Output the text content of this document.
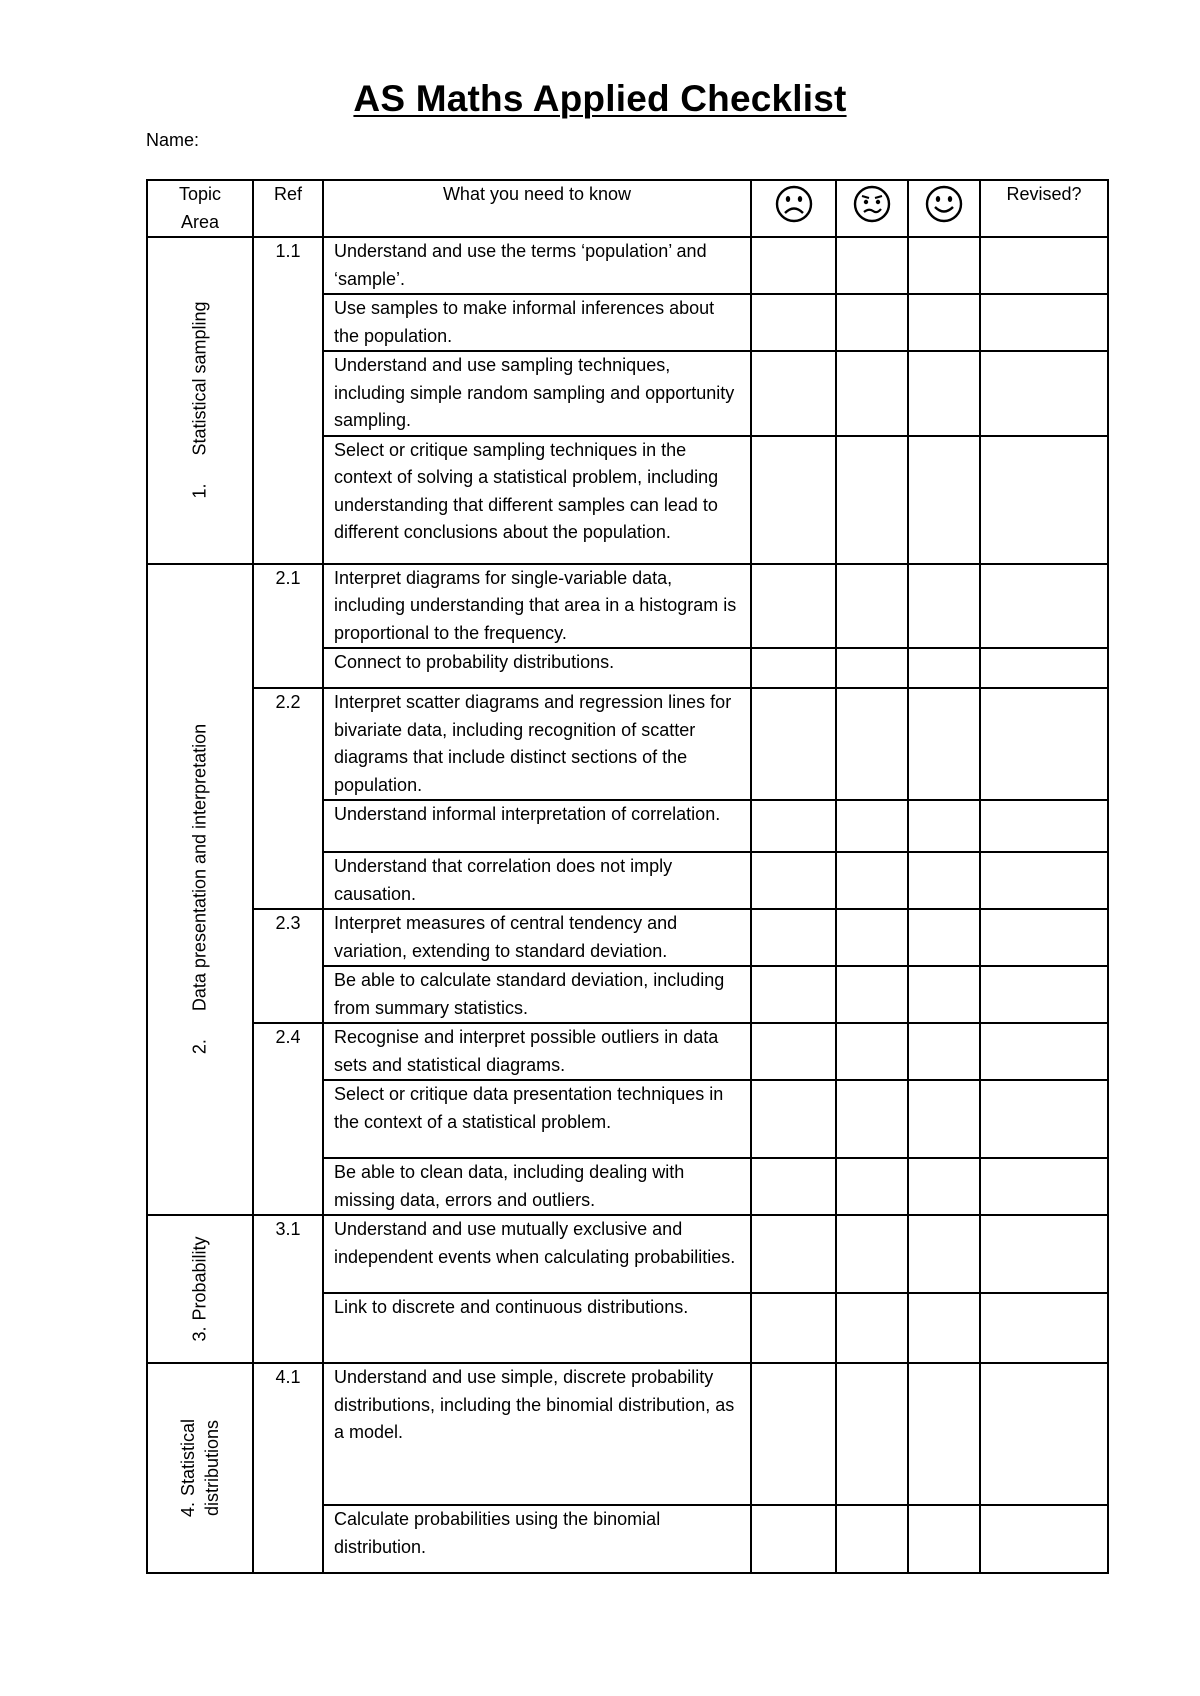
AS Maths Applied Checklist
Name:
Topic Area	Ref	What you need to know				Revised?

1.Statistical sampling	1.1	Understand and use the terms ‘population’ and ‘sample’.				
		Use samples to make informal inferences about the population.				
		Understand and use sampling techniques, including simple random sampling and opportunity sampling.				
		Select or critique sampling techniques in the context of solving a statistical problem, including understanding that different samples can lead to different conclusions about the population.				

2.Data presentation and interpretation	2.1	Interpret diagrams for single-variable data, including understanding that area in a histogram is proportional to the frequency.				
		Connect to probability distributions.				
	2.2	Interpret scatter diagrams and regression lines for bivariate data, including recognition of scatter diagrams that include distinct sections of the population.				
		Understand informal interpretation of correlation.				
		Understand that correlation does not imply causation.				
	2.3	Interpret measures of central tendency and variation, extending to standard deviation.				
		Be able to calculate standard deviation, including from summary statistics.				
	2.4	Recognise and interpret possible outliers in data sets and statistical diagrams.				
		Select or critique data presentation techniques in the context of a statistical problem.				
		Be able to clean data, including dealing with missing data, errors and outliers.				

3.Probability	3.1	Understand and use mutually exclusive and independent events when calculating probabilities.				
		Link to discrete and continuous distributions.				

4.Statistical distributions	4.1	Understand and use simple, discrete probability distributions, including the binomial distribution, as a model.				
		Calculate probabilities using the binomial distribution.				
